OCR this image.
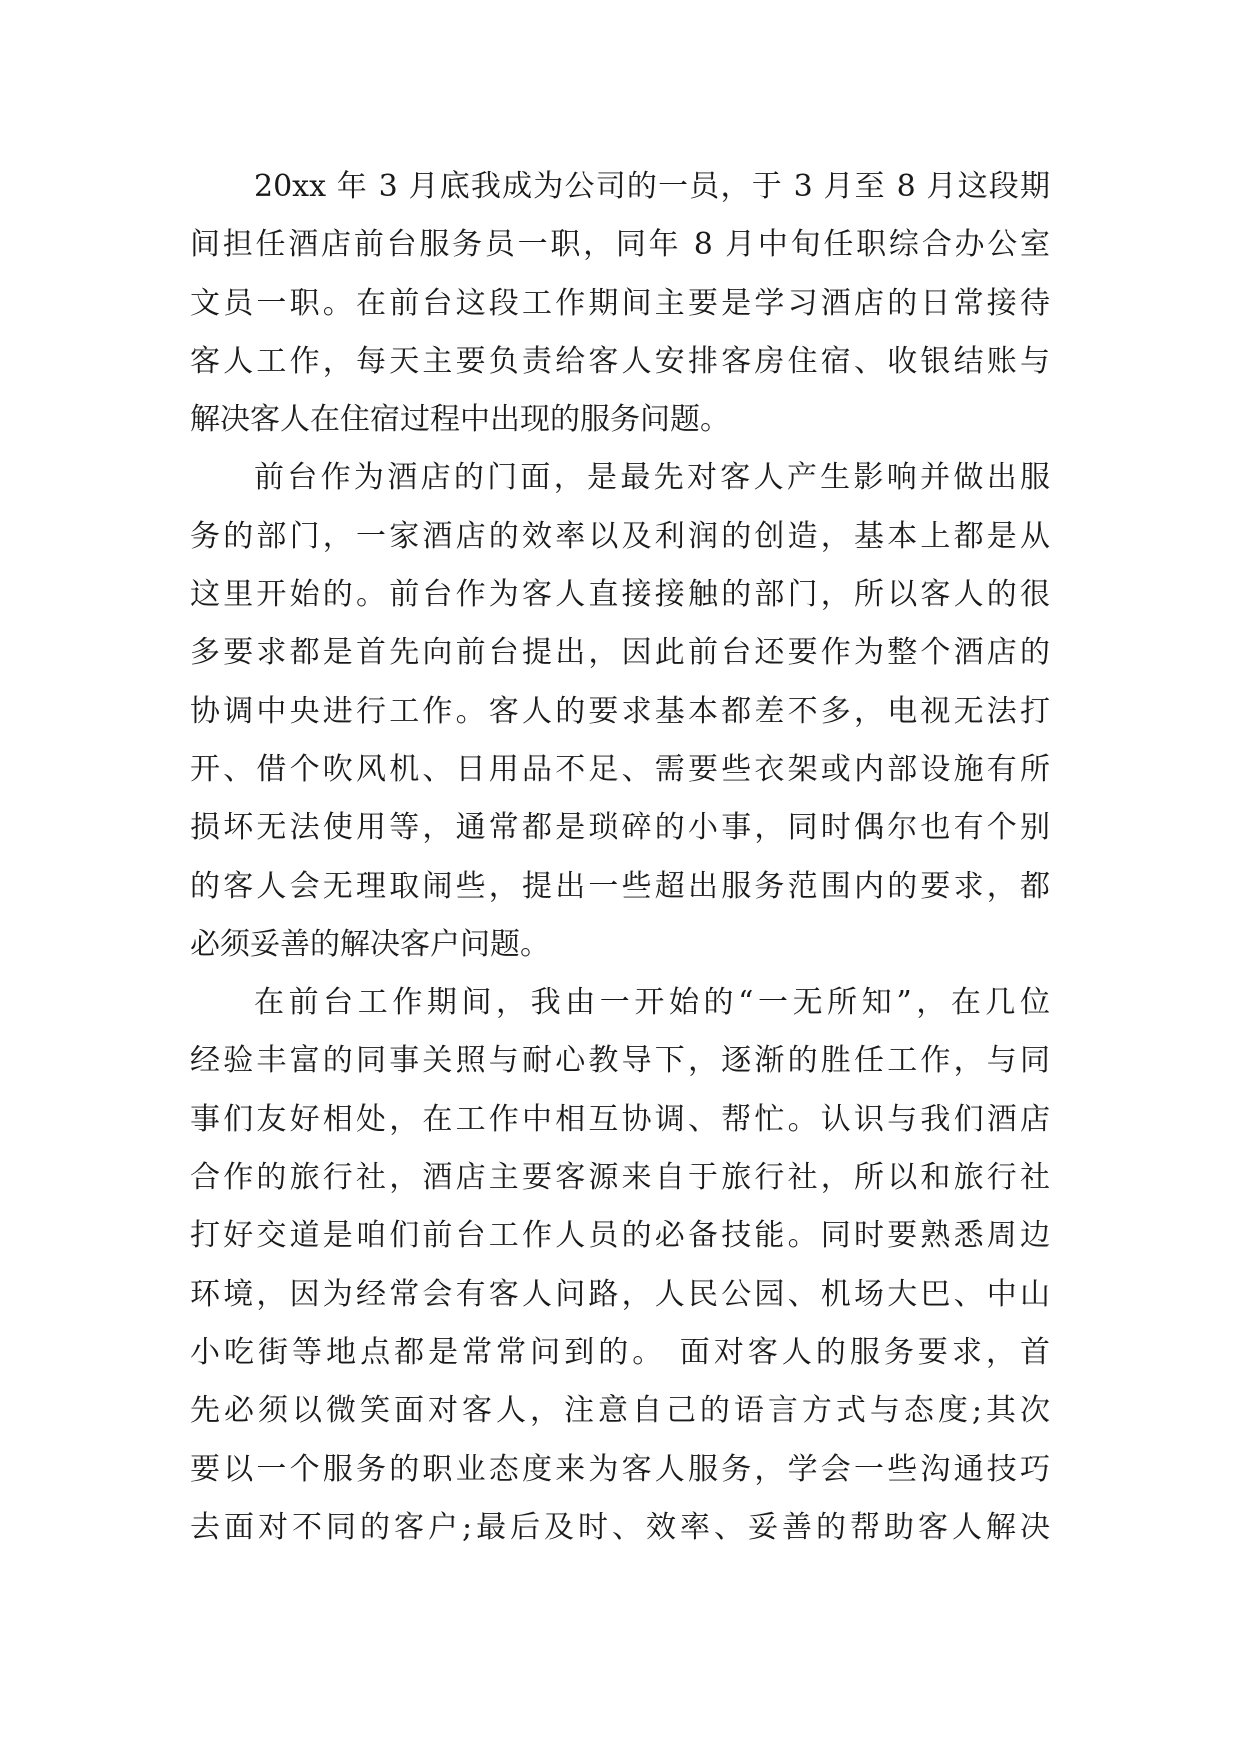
20xx 年 3 月底我成为公司的一员，于 3 月至 8 月这段期
间担任酒店前台服务员一职，同年 8 月中旬任职综合办公室
文员一职。在前台这段工作期间主要是学习酒店的日常接待
客人工作，每天主要负责给客人安排客房住宿、收银结账与
解决客人在住宿过程中出现的服务问题。
前台作为酒店的门面，是最先对客人产生影响并做出服
务的部门，一家酒店的效率以及利润的创造，基本上都是从
这里开始的。前台作为客人直接接触的部门，所以客人的很
多要求都是首先向前台提出，因此前台还要作为整个酒店的
协调中央进行工作。客人的要求基本都差不多，电视无法打
开、借个吹风机、日用品不足、需要些衣架或内部设施有所
损坏无法使用等，通常都是琐碎的小事，同时偶尔也有个别
的客人会无理取闹些，提出一些超出服务范围内的要求，都
必须妥善的解决客户问题。
在前台工作期间，我由一开始的“一无所知”，在几位
经验丰富的同事关照与耐心教导下，逐渐的胜任工作，与同
事们友好相处，在工作中相互协调、帮忙。认识与我们酒店
合作的旅行社，酒店主要客源来自于旅行社，所以和旅行社
打好交道是咱们前台工作人员的必备技能。同时要熟悉周边
环境，因为经常会有客人问路，人民公园、机场大巴、中山
小吃街等地点都是常常问到的。 面对客人的服务要求，首
先必须以微笑面对客人，注意自己的语言方式与态度;其次
要以一个服务的职业态度来为客人服务，学会一些沟通技巧
去面对不同的客户;最后及时、效率、妥善的帮助客人解决
